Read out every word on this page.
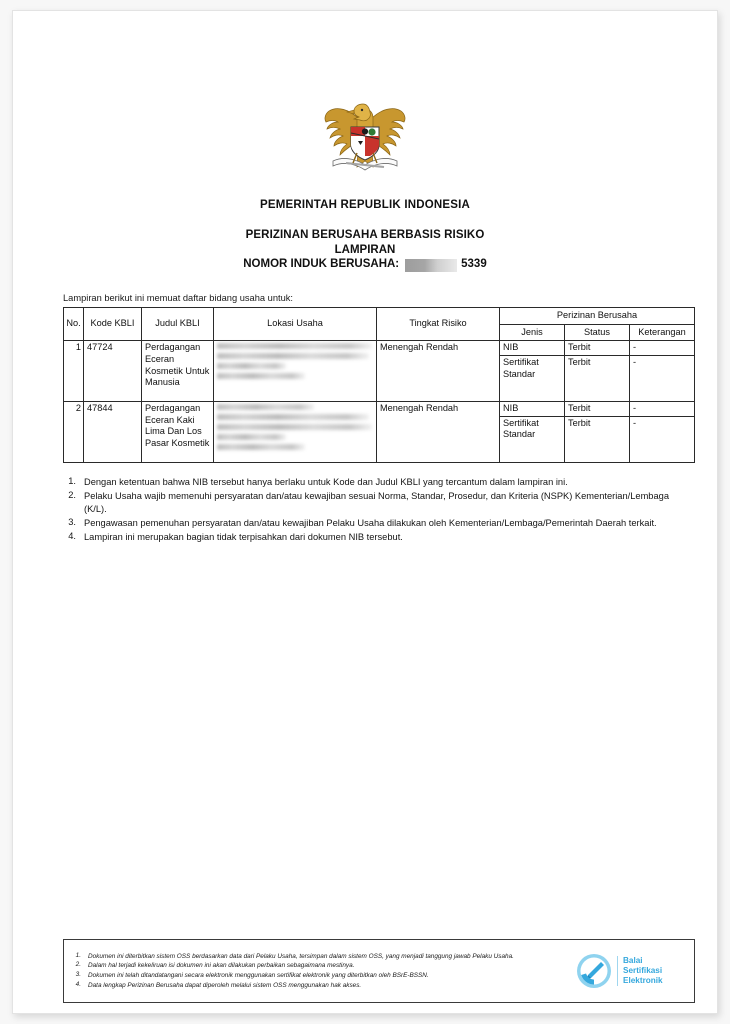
PEMERINTAH REPUBLIK INDONESIA
PERIZINAN BERUSAHA BERBASIS RISIKO
LAMPIRAN
NOMOR INDUK BERUSAHA:	5339
Lampiran berikut ini memuat daftar bidang usaha untuk:
No.	Kode KBLI	Judul KBLI	Lokasi Usaha	Tingkat Risiko	Perizinan Berusaha		
					Jenis	Status	Keterangan
1	47724	Perdagangan Eceran Kosmetik Untuk Manusia		Menengah Rendah	NIB	Terbit	-
					Sertifikat Standar	Terbit	-
2	47844	Perdagangan Eceran Kaki Lima Dan Los Pasar Kosmetik		Menengah Rendah	NIB	Terbit	-
					Sertifikat Standar	Terbit	-
1. Dengan ketentuan bahwa NIB tersebut hanya berlaku untuk Kode dan Judul KBLI yang tercantum dalam lampiran ini.
2. Pelaku Usaha wajib memenuhi persyaratan dan/atau kewajiban sesuai Norma, Standar, Prosedur, dan Kriteria (NSPK) Kementerian/Lembaga (K/L).
3. Pengawasan pemenuhan persyaratan dan/atau kewajiban Pelaku Usaha dilakukan oleh Kementerian/Lembaga/Pemerintah Daerah terkait.
4. Lampiran ini merupakan bagian tidak terpisahkan dari dokumen NIB tersebut.
1.	Dokumen ini diterbitkan sistem OSS berdasarkan data dari Pelaku Usaha, tersimpan dalam sistem OSS, yang menjadi tanggung jawab Pelaku Usaha.
2.	Dalam hal terjadi kekeliruan isi dokumen ini akan dilakukan perbaikan sebagaimana mestinya.
3.	Dokumen ini telah ditandatangani secara elektronik menggunakan sertifikat elektronik yang diterbitkan oleh BSrE-BSSN.
4.	Data lengkap Perizinan Berusaha dapat diperoleh melalui sistem OSS menggunakan hak akses.
Balai
Sertifikasi
Elektronik
